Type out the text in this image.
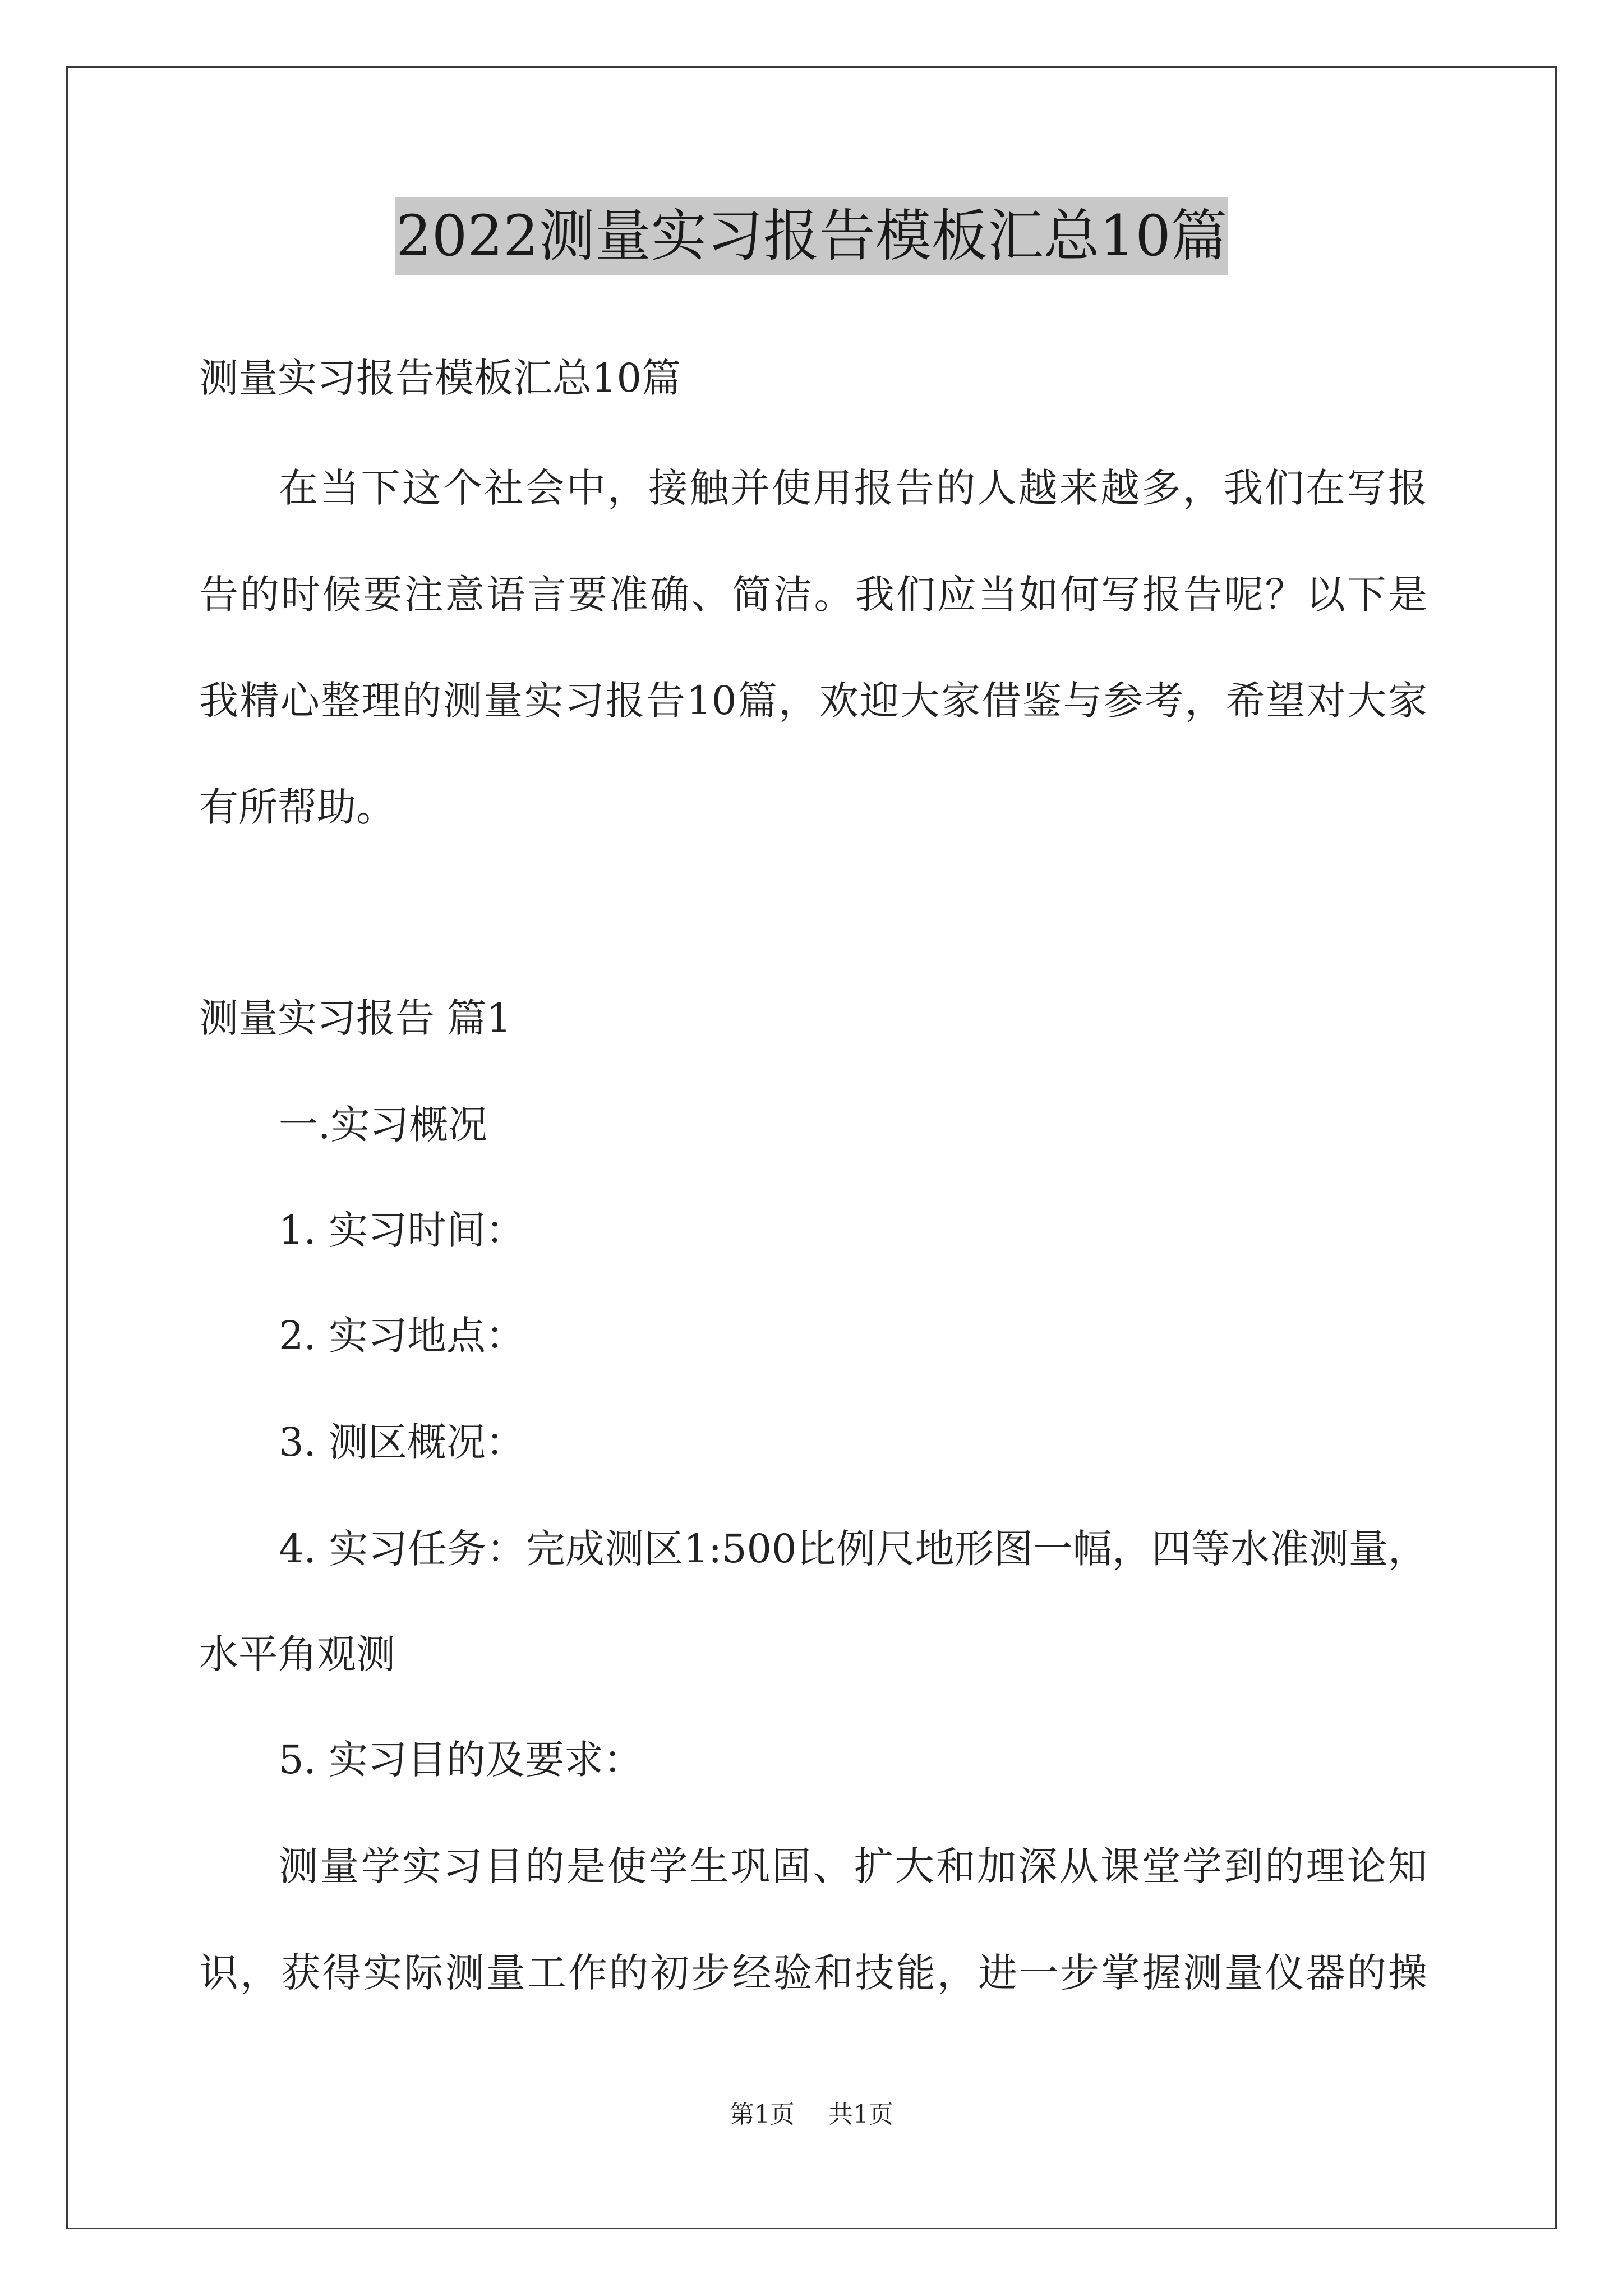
2022测量实习报告模板汇总10篇

测量实习报告模板汇总10篇

在当下这个社会中，接触并使用报告的人越来越多，我们在写报

告的时候要注意语言要准确、简洁。我们应当如何写报告呢？以下是

我精心整理的测量实习报告10篇，欢迎大家借鉴与参考，希望对大家

有所帮助。

测量实习报告 篇1

一.实习概况

1. 实习时间：

2. 实习地点：

3. 测区概况：

4. 实习任务：完成测区1:500比例尺地形图一幅，四等水准测量，

水平角观测

5. 实习目的及要求：

测量学实习目的是使学生巩固、扩大和加深从课堂学到的理论知

识，获得实际测量工作的初步经验和技能，进一步掌握测量仪器的操

第1页 共1页
